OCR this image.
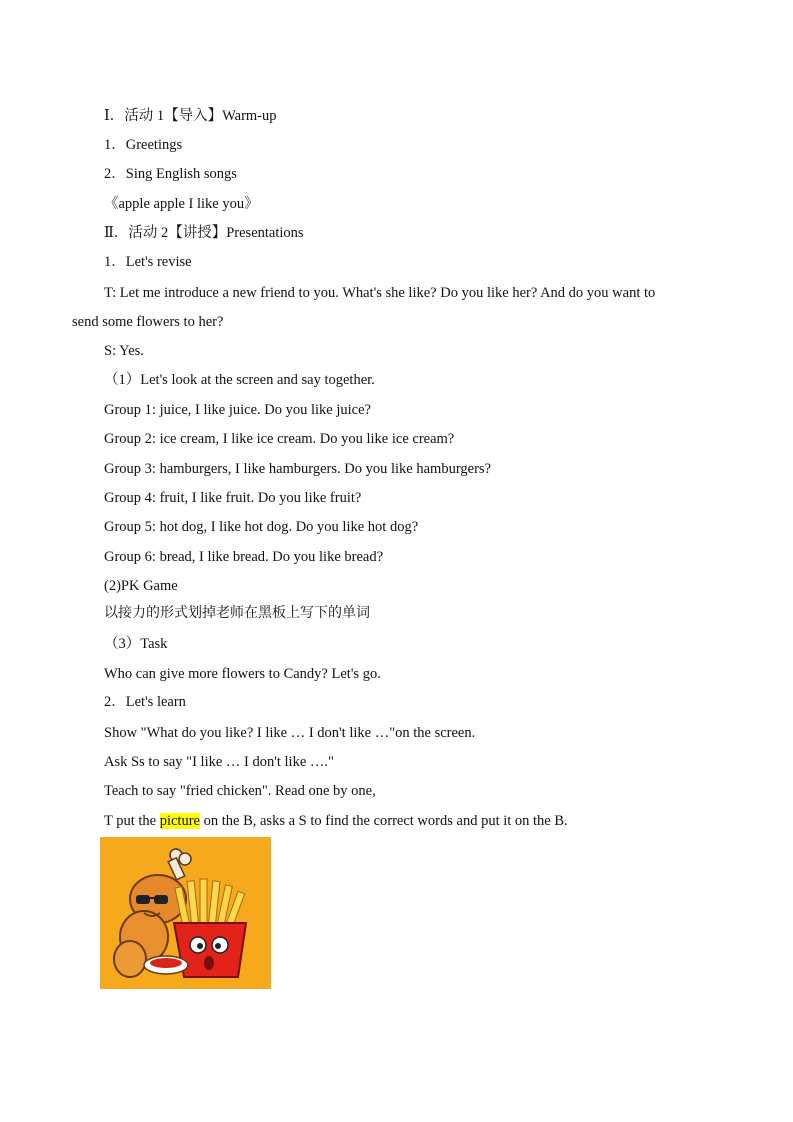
Ⅰ．活动 1【导入】Warm-up
1．Greetings
2．Sing English songs
《apple apple I like you》
Ⅱ．活动 2【讲授】Presentations
1．Let's revise
T: Let me introduce a new friend to you. What's she like? Do you like her? And do you want to
send some flowers to her?
S: Yes.
（1）Let's look at the screen and say together.
Group 1: juice, I like juice. Do you like juice?
Group 2: ice cream, I like ice cream. Do you like ice cream?
Group 3: hamburgers, I like hamburgers. Do you like hamburgers?
Group 4: fruit, I like fruit. Do you like fruit?
Group 5: hot dog, I like hot dog. Do you like hot dog?
Group 6: bread, I like bread. Do you like bread?
(2)PK Game
以接力的形式划掉老师在黑板上写下的单词
（3）Task
Who can give more flowers to Candy? Let's go.
2．Let's learn
Show "What do you like? I like … I don't like …"on the screen.
Ask Ss to say "I like … I don't like …."
Teach to say "fried chicken". Read one by one,
T put the picture on the B, asks a S to find the correct words and put it on the B.
